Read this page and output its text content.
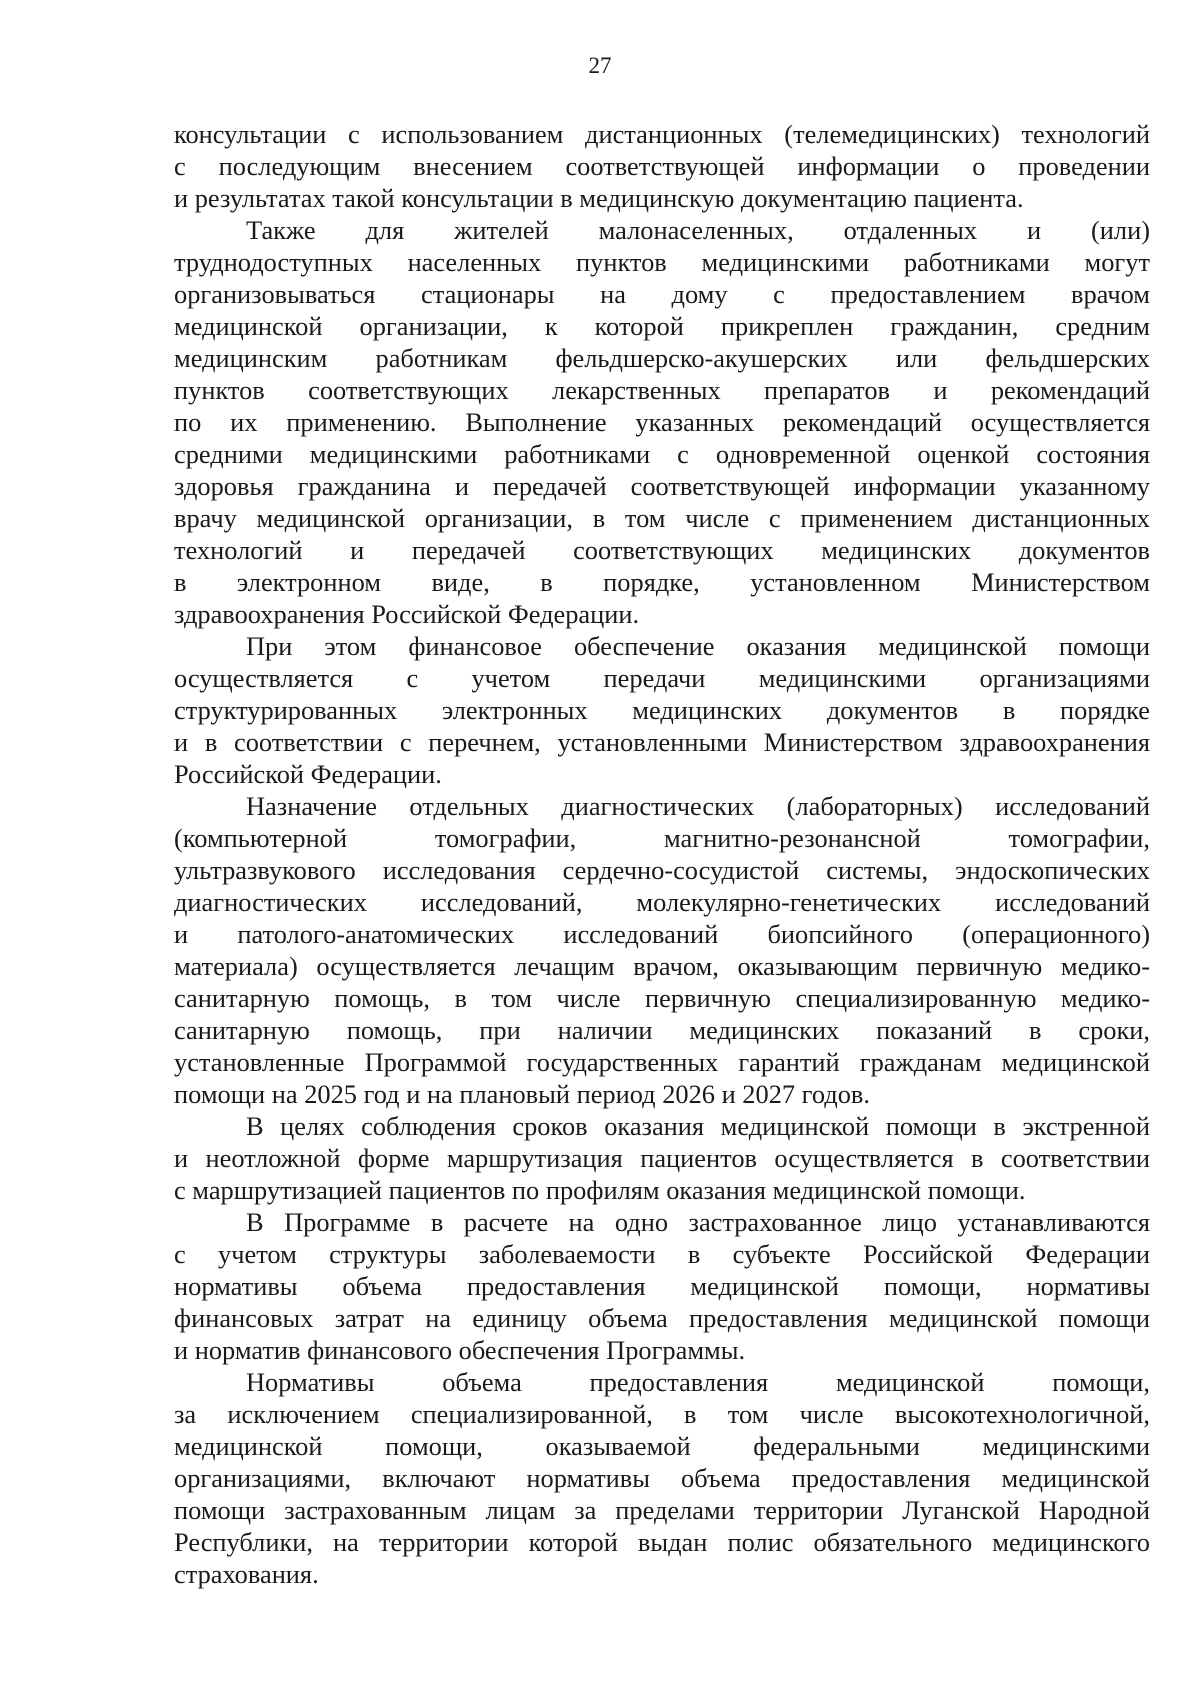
27
консультации с использованием дистанционных (телемедицинских) технологий
с последующим внесением соответствующей информации о проведении
и результатах такой консультации в медицинскую документацию пациента.
Также для жителей малонаселенных, отдаленных и (или)
труднодоступных населенных пунктов медицинскими работниками могут
организовываться стационары на дому с предоставлением врачом
медицинской организации, к которой прикреплен гражданин, средним
медицинским работникам фельдшерско-акушерских или фельдшерских
пунктов соответствующих лекарственных препаратов и рекомендаций
по их применению. Выполнение указанных рекомендаций осуществляется
средними медицинскими работниками с одновременной оценкой состояния
здоровья гражданина и передачей соответствующей информации указанному
врачу медицинской организации, в том числе с применением дистанционных
технологий и передачей соответствующих медицинских документов
в электронном виде, в порядке, установленном Министерством
здравоохранения Российской Федерации.
При этом финансовое обеспечение оказания медицинской помощи
осуществляется с учетом передачи медицинскими организациями
структурированных электронных медицинских документов в порядке
и в соответствии с перечнем, установленными Министерством здравоохранения
Российской Федерации.
Назначение отдельных диагностических (лабораторных) исследований
(компьютерной томографии, магнитно-резонансной томографии,
ультразвукового исследования сердечно-сосудистой системы, эндоскопических
диагностических исследований, молекулярно-генетических исследований
и патолого-анатомических исследований биопсийного (операционного)
материала) осуществляется лечащим врачом, оказывающим первичную медико-
санитарную помощь, в том числе первичную специализированную медико-
санитарную помощь, при наличии медицинских показаний в сроки,
установленные Программой государственных гарантий гражданам медицинской
помощи на 2025 год и на плановый период 2026 и 2027 годов.
В целях соблюдения сроков оказания медицинской помощи в экстренной
и неотложной форме маршрутизация пациентов осуществляется в соответствии
с маршрутизацией пациентов по профилям оказания медицинской помощи.
В Программе в расчете на одно застрахованное лицо устанавливаются
с учетом структуры заболеваемости в субъекте Российской Федерации
нормативы объема предоставления медицинской помощи, нормативы
финансовых затрат на единицу объема предоставления медицинской помощи
и норматив финансового обеспечения Программы.
Нормативы объема предоставления медицинской помощи,
за исключением специализированной, в том числе высокотехнологичной,
медицинской помощи, оказываемой федеральными медицинскими
организациями, включают нормативы объема предоставления медицинской
помощи застрахованным лицам за пределами территории Луганской Народной
Республики, на территории которой выдан полис обязательного медицинского
страхования.
